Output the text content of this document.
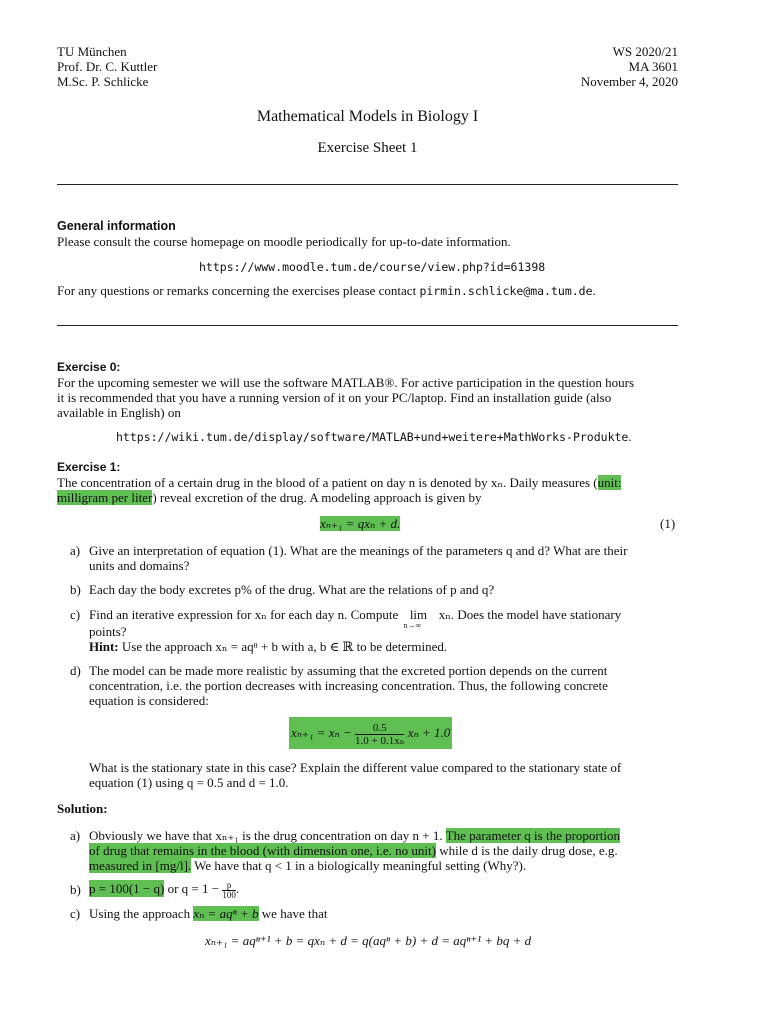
TU München
Prof. Dr. C. Kuttler
M.Sc. P. Schlicke
WS 2020/21
MA 3601
November 4, 2020
Mathematical Models in Biology I
Exercise Sheet 1
General information
Please consult the course homepage on moodle periodically for up-to-date information.
https://www.moodle.tum.de/course/view.php?id=61398
For any questions or remarks concerning the exercises please contact pirmin.schlicke@ma.tum.de.
Exercise 0:
For the upcoming semester we will use the software MATLAB®. For active participation in the question hours
it is recommended that you have a running version of it on your PC/laptop. Find an installation guide (also
available in English) on
https://wiki.tum.de/display/software/MATLAB+und+weitere+MathWorks-Produkte.
Exercise 1:
The concentration of a certain drug in the blood of a patient on day n is denoted by xₙ. Daily measures (unit:
milligram per liter) reveal excretion of the drug. A modeling approach is given by
xₙ₊₁ = qxₙ + d.	(1)
a) Give an interpretation of equation (1). What are the meanings of the parameters q and d? What are their
units and domains?
b) Each day the body excretes p% of the drug. What are the relations of p and q?
c) Find an iterative expression for xₙ for each day n. Compute lim
n→∞
xₙ. Does the model have stationary
points?
Hint: Use the approach xₙ = aqⁿ + b with a, b ∈ ℝ to be determined.
d) The model can be made more realistic by assuming that the excreted portion depends on the current
concentration, i.e. the portion decreases with increasing concentration. Thus, the following concrete
equation is considered:
$x_{n+1} = x_n - \frac{0.5}{\text{1.0 + 0.1xₙ}}$ xₙ + 1.0
What is the stationary state in this case? Explain the different value compared to the stationary state of
equation (1) using q = 0.5 and d = 1.0.
Solution:
a) Obviously we have that xₙ₊₁ is the drug concentration on day n + 1. The parameter q is the proportion
of drug that remains in the blood (with dimension one, i.e. no unit) while d is the daily drug dose, e.g.
measured in [mg/l]. We have that q < 1 in a biologically meaningful setting (Why?).
b) p = 100(1 − q) or $q = 1 - \frac{p}{100}$ .
c) Using the approach xₙ = aqⁿ + b we have that
xₙ₊₁ = aqⁿ⁺¹ + b = qxₙ + d = q(aqⁿ + b) + d = aqⁿ⁺¹ + bq + d
